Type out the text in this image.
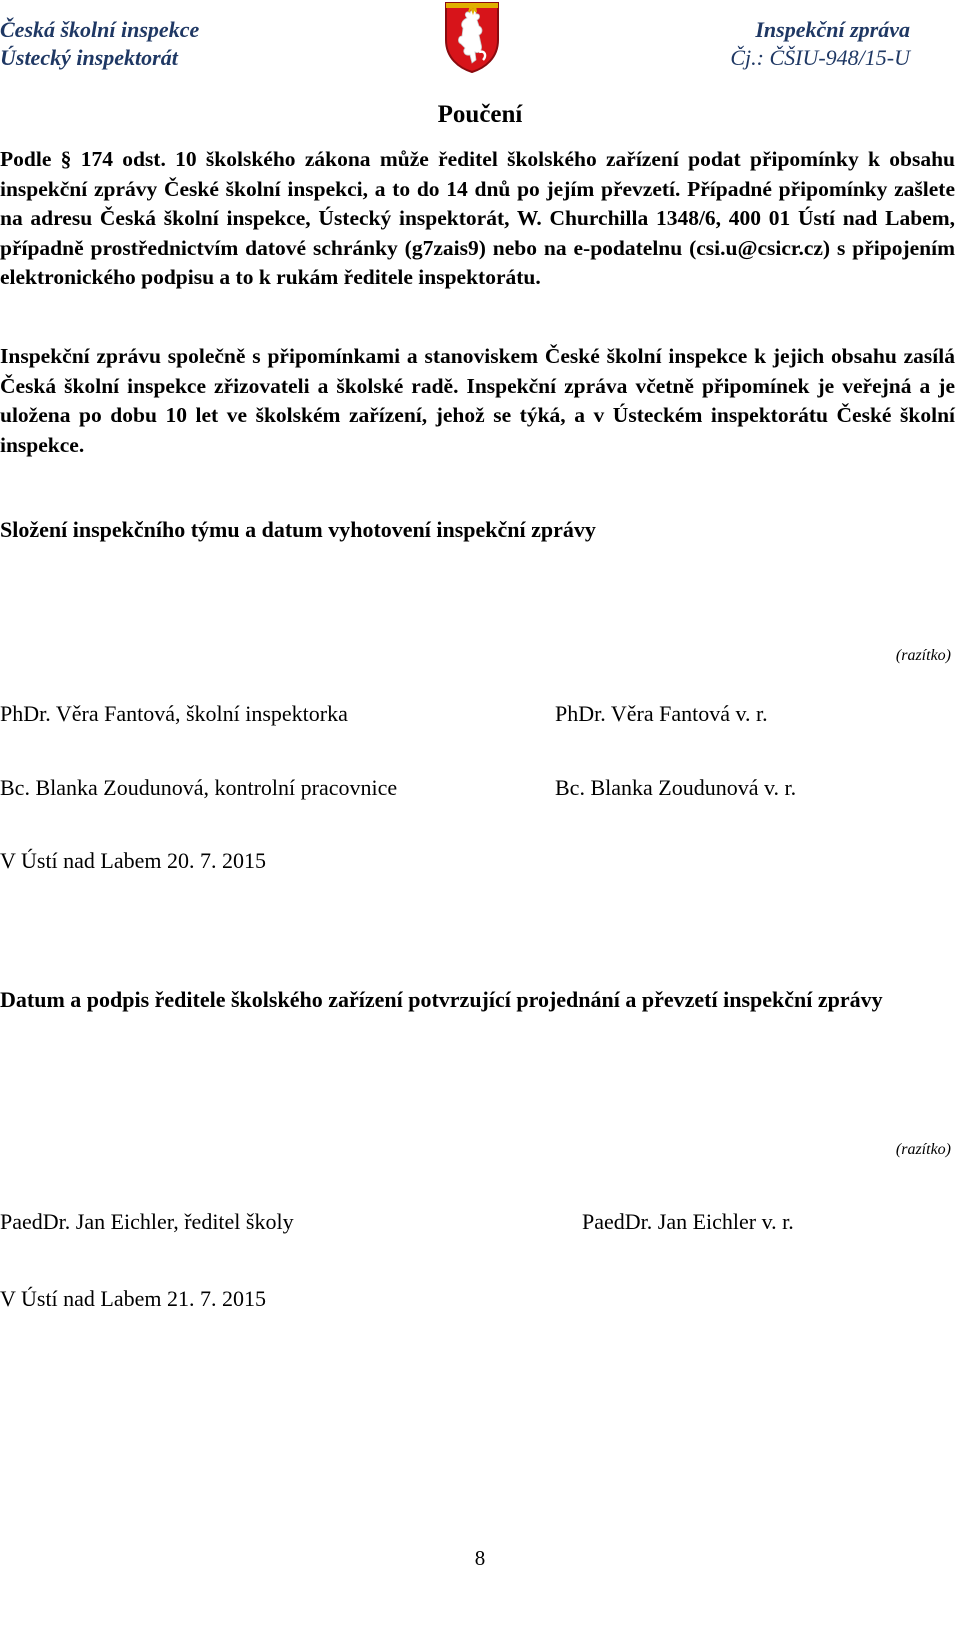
Česká školní inspekce
Ústecký inspektorát
Inspekční zpráva
Čj.: ČŠIU-948/15-U
Poučení
Podle § 174 odst. 10 školského zákona může ředitel školského zařízení podat připomínky k obsahu inspekční zprávy České školní inspekci, a to do 14 dnů po jejím převzetí. Případné připomínky zašlete na adresu Česká školní inspekce, Ústecký inspektorát, W. Churchilla 1348/6, 400 01 Ústí nad Labem, případně prostřednictvím datové schránky (g7zais9) nebo na e-podatelnu (csi.u@csicr.cz) s připojením elektronického podpisu a to k rukám ředitele inspektorátu.
Inspekční zprávu společně s připomínkami a stanoviskem České školní inspekce k jejich obsahu zasílá Česká školní inspekce zřizovateli a školské radě. Inspekční zpráva včetně připomínek je veřejná a je uložena po dobu 10 let ve školském zařízení, jehož se týká, a v Ústeckém inspektorátu České školní inspekce.
Složení inspekčního týmu a datum vyhotovení inspekční zprávy
(razítko)
PhDr. Věra Fantová, školní inspektorka	PhDr. Věra Fantová v. r.
Bc. Blanka Zoudunová, kontrolní pracovnice	Bc. Blanka Zoudunová v. r.
V Ústí nad Labem 20. 7. 2015
Datum a podpis ředitele školského zařízení potvrzující projednání a převzetí inspekční zprávy
(razítko)
PaedDr. Jan Eichler, ředitel školy	PaedDr. Jan Eichler v. r.
V Ústí nad Labem 21. 7. 2015
8
